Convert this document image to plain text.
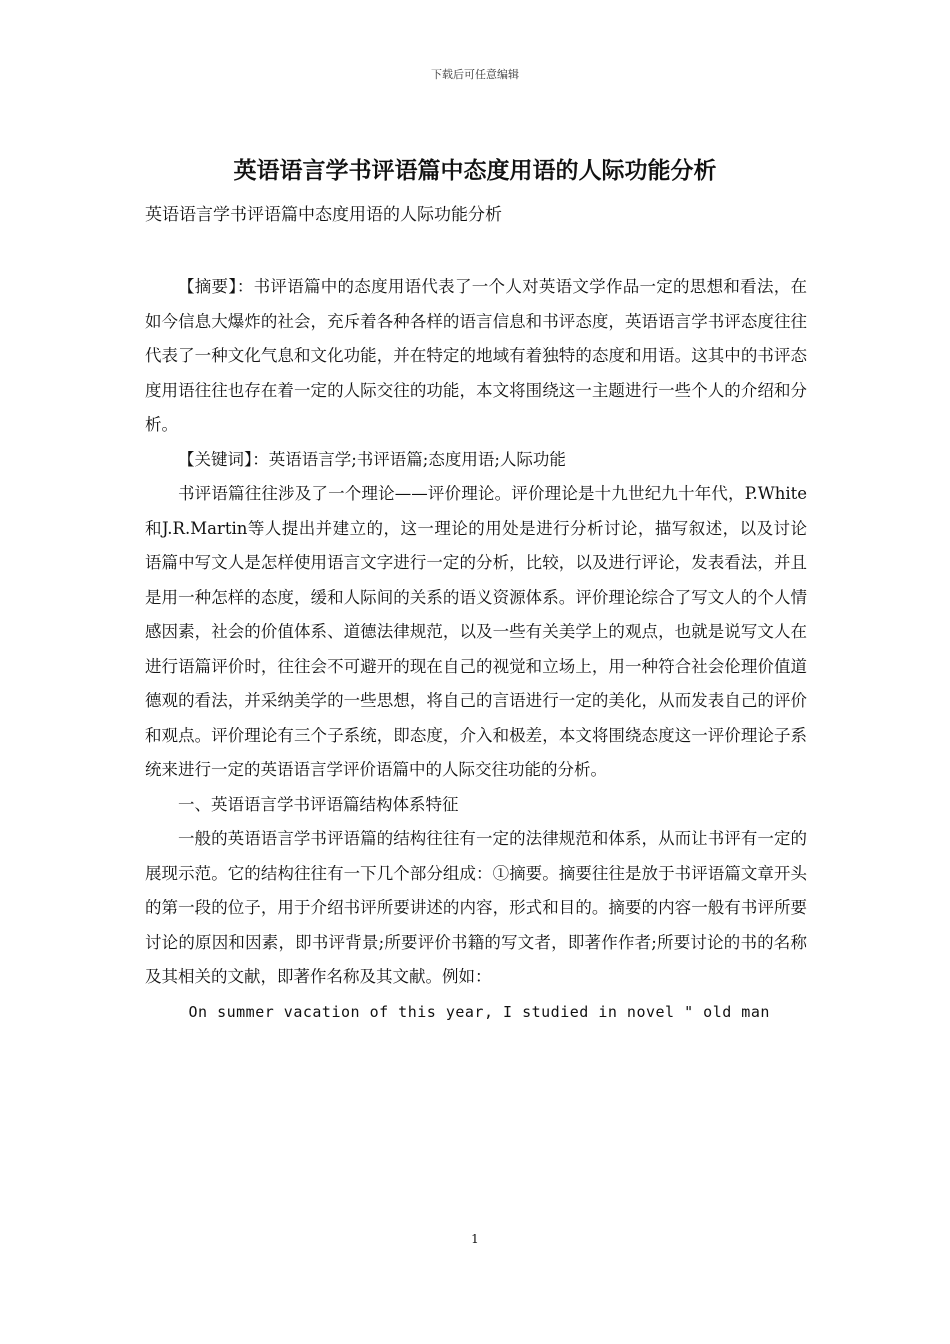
下载后可任意编辑
英语语言学书评语篇中态度用语的人际功能分析

英语语言学书评语篇中态度用语的人际功能分析

【摘要】：书评语篇中的态度用语代表了一个人对英语文学作品一定的思想和看法，在如今信息大爆炸的社会，充斥着各种各样的语言信息和书评态度，英语语言学书评态度往往代表了一种文化气息和文化功能，并在特定的地域有着独特的态度和用语。这其中的书评态度用语往往也存在着一定的人际交往的功能，本文将围绕这一主题进行一些个人的介绍和分析。

【关键词】：英语语言学;书评语篇;态度用语;人际功能

书评语篇往往涉及了一个理论——评价理论。评价理论是十九世纪九十年代，P.White和J.R.Martin等人提出并建立的，这一理论的用处是进行分析讨论，描写叙述，以及讨论语篇中写文人是怎样使用语言文字进行一定的分析，比较，以及进行评论，发表看法，并且是用一种怎样的态度，缓和人际间的关系的语义资源体系。评价理论综合了写文人的个人情感因素，社会的价值体系、道德法律规范，以及一些有关美学上的观点，也就是说写文人在进行语篇评价时，往往会不可避开的现在自己的视觉和立场上，用一种符合社会伦理价值道德观的看法，并采纳美学的一些思想，将自己的言语进行一定的美化，从而发表自己的评价和观点。评价理论有三个子系统，即态度，介入和极差，本文将围绕态度这一评价理论子系统来进行一定的英语语言学评价语篇中的人际交往功能的分析。

一、英语语言学书评语篇结构体系特征

一般的英语语言学书评语篇的结构往往有一定的法律规范和体系，从而让书评有一定的展现示范。它的结构往往有一下几个部分组成：①摘要。摘要往往是放于书评语篇文章开头的第一段的位子，用于介绍书评所要讲述的内容，形式和目的。摘要的内容一般有书评所要讨论的原因和因素，即书评背景;所要评价书籍的写文者，即著作作者;所要讨论的书的名称及其相关的文献，即著作名称及其文献。例如：

On summer vacation of this year, I studied in novel " old man

1
